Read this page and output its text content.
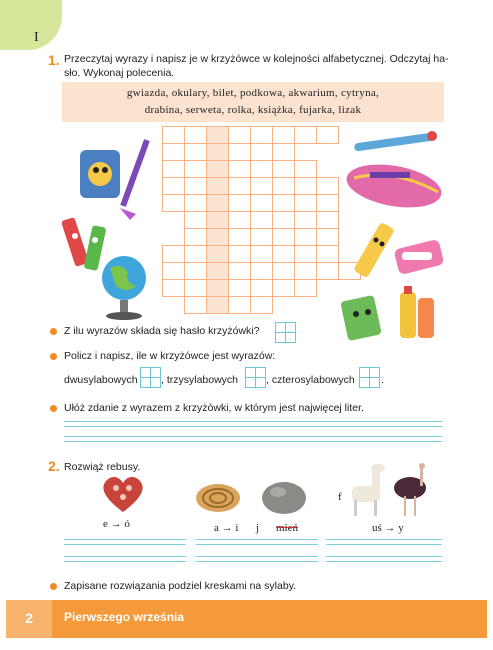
I
1. Przeczytaj wyrazy i napisz je w krzyżówce w kolejności alfabetycznej. Odczytaj ha-
sło. Wykonaj polecenia.
gwiazda, okulary, bilet, podkowa, akwarium, cytryna,
drabina, serweta, rolka, książka, fujarka, lizak
Z ilu wyrazów składa się hasło krzyżówki?
Policz i napisz, ile w krzyżówce jest wyrazów:
dwusylabowych , trzysylabowych	, czterosylabowych	.
Ułóż zdanie z wyrazem z krzyżówki, w którym jest najwięcej liter.
2. Rozwiąż rebusy.
e → ó	a → i j mień
f
uś → y
Zapisane rozwiązania podziel kreskami na sylaby.
2	Pierwszego września
